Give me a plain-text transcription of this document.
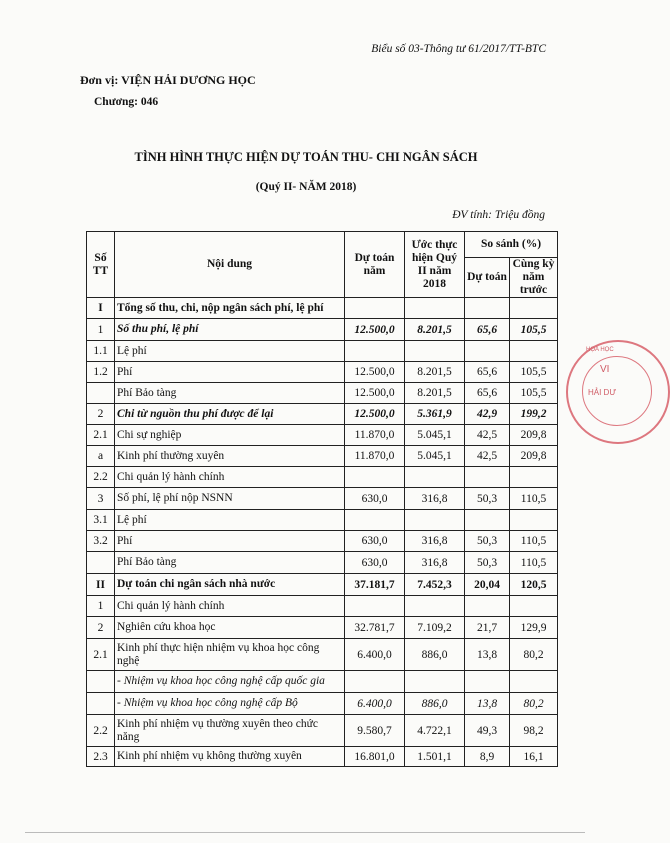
Biểu số 03-Thông tư 61/2017/TT-BTC
Đơn vị: VIỆN HẢI DƯƠNG HỌC
Chương: 046
TÌNH HÌNH THỰC HIỆN DỰ TOÁN THU- CHI NGÂN SÁCH
(Quý II- NĂM 2018)
ĐV tính: Triệu đồng
HỌA HỌC
VI
HẢI DƯ
Số TT	Nội dung	Dự toán năm	Ước thực hiện Quý II năm 2018	So sánh (%)	
				Dự toán	Cùng kỳ năm trước
I	Tổng số thu, chi, nộp ngân sách phí, lệ phí				
1	Số thu phí, lệ phí	12.500,0	8.201,5	65,6	105,5
1.1	Lệ phí				
1.2	Phí	12.500,0	8.201,5	65,6	105,5
	Phí Bảo tàng	12.500,0	8.201,5	65,6	105,5
2	Chi từ nguồn thu phí được để lại	12.500,0	5.361,9	42,9	199,2
2.1	Chi sự nghiệp	11.870,0	5.045,1	42,5	209,8
a	Kinh phí thường xuyên	11.870,0	5.045,1	42,5	209,8
2.2	Chi quản lý hành chính				
3	Số phí, lệ phí nộp NSNN	630,0	316,8	50,3	110,5
3.1	Lệ phí				
3.2	Phí	630,0	316,8	50,3	110,5
	Phí Bảo tàng	630,0	316,8	50,3	110,5
II	Dự toán chi ngân sách nhà nước	37.181,7	7.452,3	20,04	120,5
1	Chi quản lý hành chính				
2	Nghiên cứu khoa học	32.781,7	7.109,2	21,7	129,9
2.1	Kinh phí thực hiện nhiệm vụ khoa học công nghệ	6.400,0	886,0	13,8	80,2
	- Nhiệm vụ khoa học công nghệ cấp quốc gia				
	- Nhiệm vụ khoa học công nghệ cấp Bộ	6.400,0	886,0	13,8	80,2
2.2	Kinh phí nhiệm vụ thường xuyên theo chức năng	9.580,7	4.722,1	49,3	98,2
2.3	Kinh phí nhiệm vụ không thường xuyên	16.801,0	1.501,1	8,9	16,1
